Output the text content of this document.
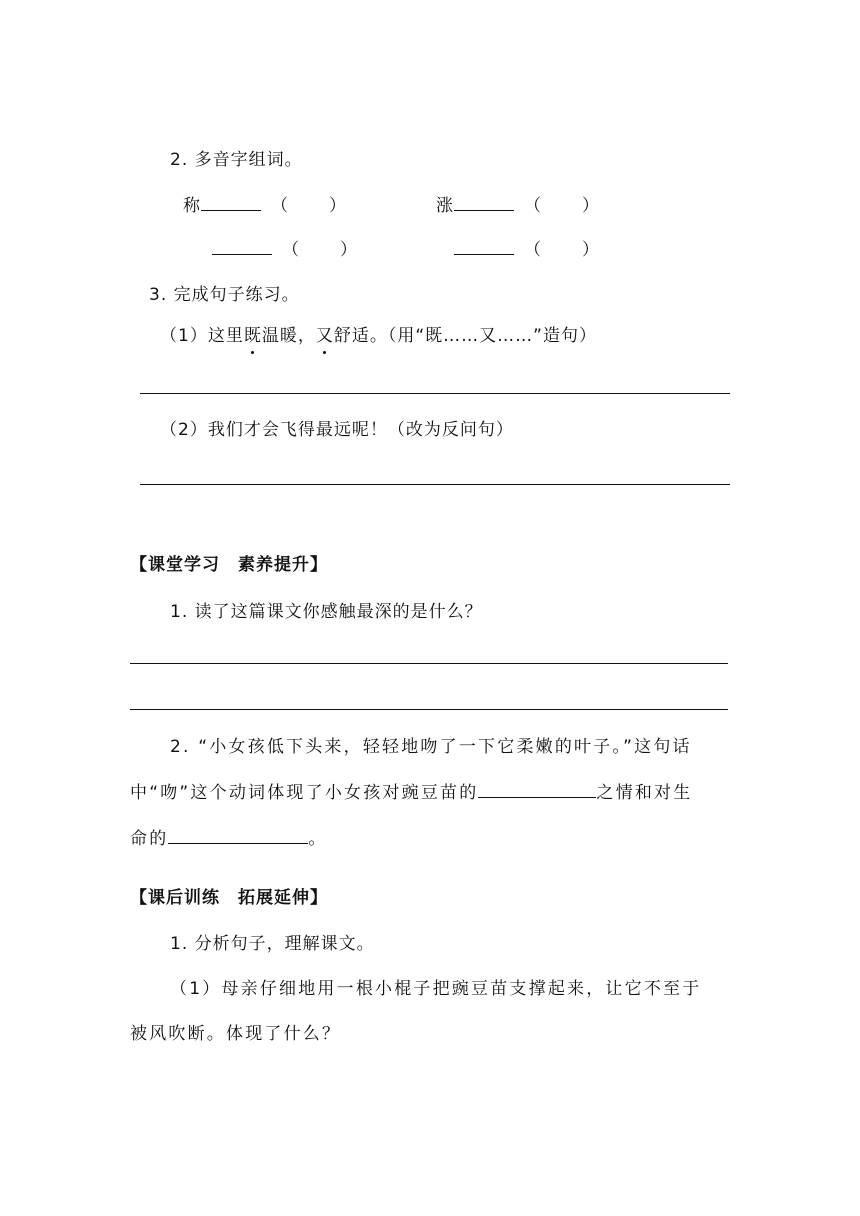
2. 多音字组词。
称	（ ）	涨	（ ）
（ ）	（ ）
3. 完成句子练习。
（1）这里既温暖，又舒适。（用“既……又……”造句）
（2）我们才会飞得最远呢！（改为反问句）
【课堂学习　素养提升】
1. 读了这篇课文你感触最深的是什么？
2. “小女孩低下头来，轻轻地吻了一下它柔嫩的叶子。”这句话
中“吻”这个动词体现了小女孩对豌豆苗的	之情和对生
命的	。
【课后训练　拓展延伸】
1. 分析句子，理解课文。
（1）母亲仔细地用一根小棍子把豌豆苗支撑起来，让它不至于
被风吹断。体现了什么？
